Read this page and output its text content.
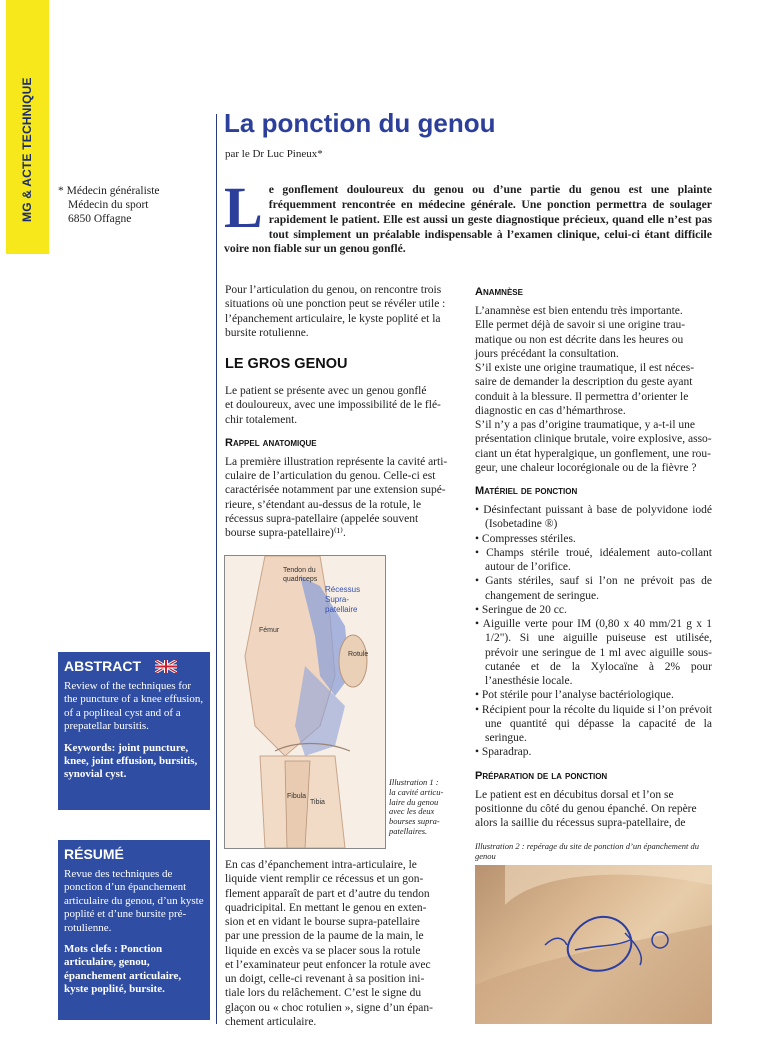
MG & ACTE TECHNIQUE	La ponction du genou
par le Dr Luc Pineux*
* Médecin généraliste
Médecin du sport
6850 Offagne	Le gonflement douloureux du genou ou d’une partie du genou est une plainte fréquemment rencontrée en médecine générale. Une ponction permettra de soulager rapidement le patient. Elle est aussi un geste diagnostique précieux, quand elle n’est pas tout simplement un préalable indispensable à l’examen clinique, celui-ci étant difficile voire non fiable sur un genou gonflé.

Pour l’articulation du genou, on rencontre trois
situations où une ponction peut se révéler utile :
l’épanchement articulaire, le kyste poplité et la
bursite rotulienne.

LE GROS GENOU

Le patient se présente avec un genou gonflé
et douloureux, avec une impossibilité de le flé-
chir totalement.

Rappel anatomique

La première illustration représente la cavité arti-
culaire de l’articulation du genou. Celle-ci est
caractérisée notamment par une extension supé-
rieure, s’étendant au-dessus de la rotule, le
récessus supra-patellaire (appelée souvent
bourse supra-patellaire)⁽¹⁾.

Tendon du
quadriceps
Récessus
Supra-
patellaire
Fémur
Rotule
Fibula
Tibia
Illustration 1 :
la cavité articu-
laire du genou
avec les deux
bourses supra-
patellaires.

En cas d’épanchement intra-articulaire, le
liquide vient remplir ce récessus et un gon-
flement apparaît de part et d’autre du tendon
quadricipital. En mettant le genou en exten-
sion et en vidant le bourse supra-patellaire
par une pression de la paume de la main, le
liquide en excès va se placer sous la rotule
et l’examinateur peut enfoncer la rotule avec
un doigt, celle-ci revenant à sa position ini-
tiale lors du relâchement. C’est le signe du
glaçon ou « choc rotulien », signe d’un épan-
chement articulaire.

Anamnèse

L’anamnèse est bien entendu très importante.
Elle permet déjà de savoir si une origine trau-
matique ou non est décrite dans les heures ou
jours précédant la consultation.
S’il existe une origine traumatique, il est néces-
saire de demander la description du geste ayant
conduit à la blessure. Il permettra d’orienter le
diagnostic en cas d’hémarthrose.
S’il n’y a pas d’origine traumatique, y a-t-il une
présentation clinique brutale, voire explosive, asso-
ciant un état hyperalgique, un gonflement, une rou-
geur, une chaleur locorégionale ou de la fièvre ?

Matériel de ponction
• Désinfectant puissant à base de polyvidone iodé (Isobetadine ®)
• Compresses stériles.
• Champs stérile troué, idéalement auto-collant autour de l’orifice.
• Gants stériles, sauf si l’on ne prévoit pas de changement de seringue.
• Seringue de 20 cc.
• Aiguille verte pour IM (0,80 x 40 mm/21 g x 1 1/2"). Si une aiguille puiseuse est utilisée, prévoir une seringue de 1 ml avec aiguille sous-cutanée et de la Xylocaïne à 2% pour l’anesthésie locale.
• Pot stérile pour l’analyse bactériologique.
• Récipient pour la récolte du liquide si l’on prévoit une quantité qui dépasse la capacité de la seringue.
• Sparadrap.
Préparation de la ponction

Le patient est en décubitus dorsal et l’on se
positionne du côté du genou épanché. On repère
alors la saillie du récessus supra-patellaire, de

Illustration 2 : repérage du site de ponction d’un épanchement du genou
ABSTRACT

Review of the techniques for the puncture of a knee effusion, of a popliteal cyst and of a prepatellar bursitis.

Keywords: joint puncture, knee, joint effusion, bursitis, synovial cyst.

RÉSUMÉ

Revue des techniques de ponction d’un épanchement articulaire du genou, d’un kyste poplité et d’une bursite pré-rotulienne.

Mots clefs : Ponction articulaire, genou, épanchement articulaire, kyste poplité, bursite.
